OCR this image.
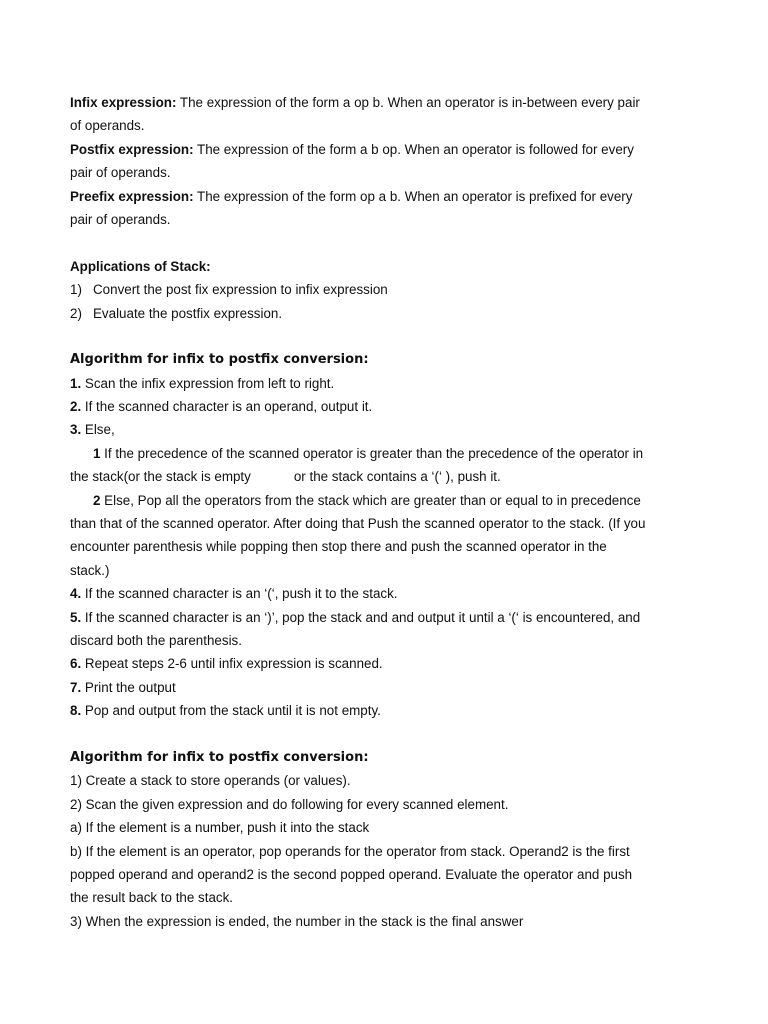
Infix expression: The expression of the form a op b. When an operator is in-between every pair
of operands.
Postfix expression: The expression of the form a b op. When an operator is followed for every
pair of operands.
Preefix expression: The expression of the form op a b. When an operator is prefixed for every
pair of operands.
Applications of Stack:
1) Convert the post fix expression to infix expression
2) Evaluate the postfix expression.
Algorithm for infix to postfix conversion:
1. Scan the infix expression from left to right.
2. If the scanned character is an operand, output it.
3. Else,
1 If the precedence of the scanned operator is greater than the precedence of the operator in
the stack(or the stack is empty	or the stack contains a ‘(‘ ), push it.
2 Else, Pop all the operators from the stack which are greater than or equal to in precedence
than that of the scanned operator. After doing that Push the scanned operator to the stack. (If you
encounter parenthesis while popping then stop there and push the scanned operator in the
stack.)
4. If the scanned character is an ‘(‘, push it to the stack.
5. If the scanned character is an ‘)’, pop the stack and and output it until a ‘(‘ is encountered, and
discard both the parenthesis.
6. Repeat steps 2-6 until infix expression is scanned.
7. Print the output
8. Pop and output from the stack until it is not empty.
Algorithm for infix to postfix conversion:
1) Create a stack to store operands (or values).
2) Scan the given expression and do following for every scanned element.
a) If the element is a number, push it into the stack
b) If the element is an operator, pop operands for the operator from stack. Operand2 is the first
popped operand and operand2 is the second popped operand. Evaluate the operator and push
the result back to the stack.
3) When the expression is ended, the number in the stack is the final answer
